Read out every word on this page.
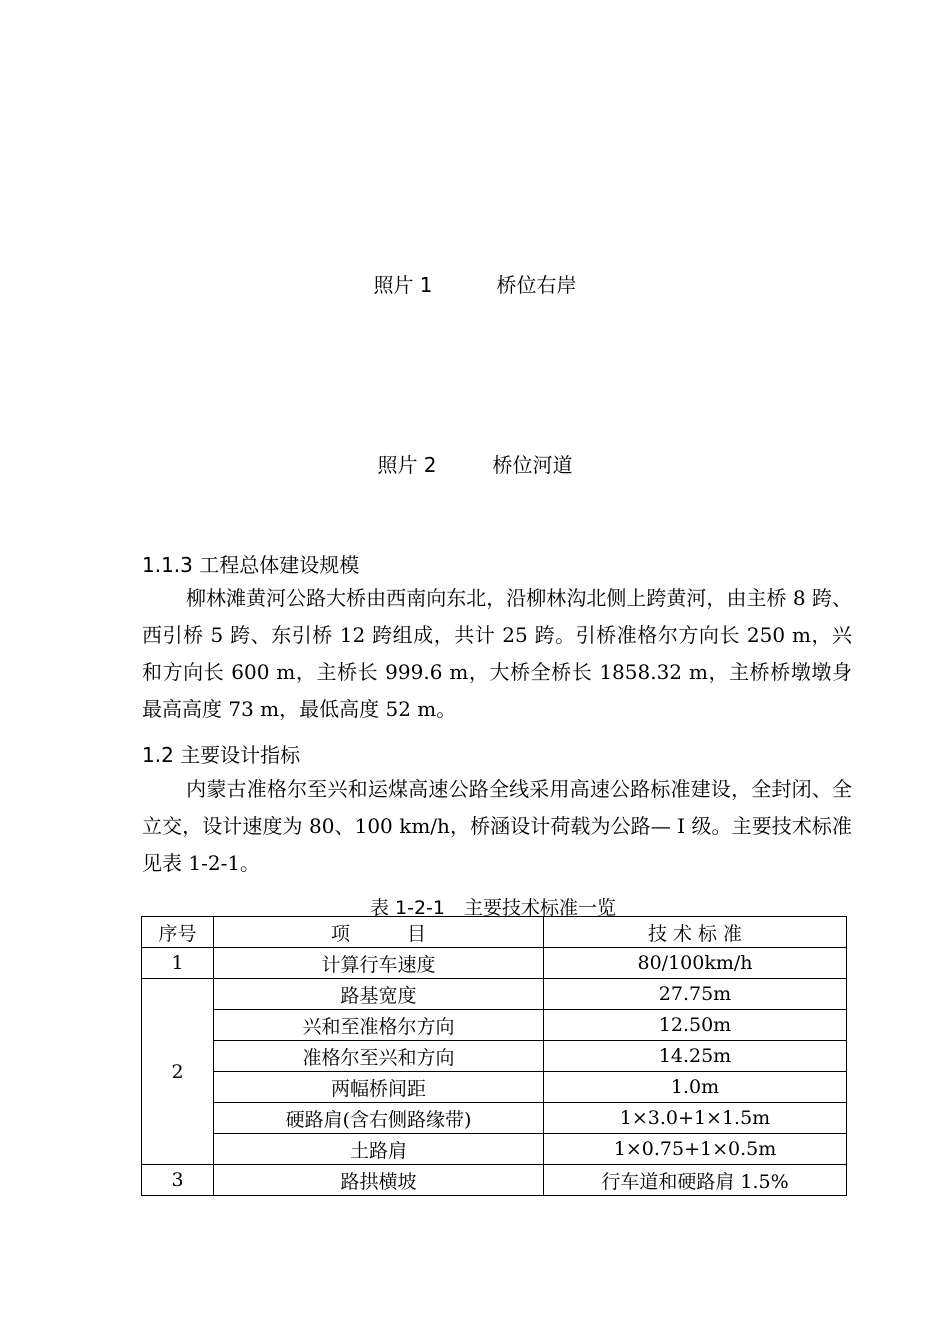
照片 1	桥位右岸
照片 2	桥位河道
1.1.3 工程总体建设规模

柳林滩黄河公路大桥由西南向东北，沿柳林沟北侧上跨黄河，由主桥 8 跨、西引桥 5 跨、东引桥 12 跨组成，共计 25 跨。引桥准格尔方向长 250 m，兴和方向长 600 m，主桥长 999.6 m，大桥全桥长 1858.32 m，主桥桥墩墩身最高高度 73 m，最低高度 52 m。

1.2 主要设计指标

内蒙古准格尔至兴和运煤高速公路全线采用高速公路标准建设，全封闭、全立交，设计速度为 80、100 km/h，桥涵设计荷载为公路— I 级。主要技术标准见表 1-2-1。

表 1-2-1　主要技术标准一览
序号	项　　　目	技 术 标 准
1	计算行车速度	80/100km/h
2	路基宽度	27.75m
	兴和至准格尔方向	12.50m
	准格尔至兴和方向	14.25m
	两幅桥间距	1.0m
	硬路肩(含右侧路缘带)	1×3.0+1×1.5m
	土路肩	1×0.75+1×0.5m
3	路拱横坡	行车道和硬路肩 1.5%
